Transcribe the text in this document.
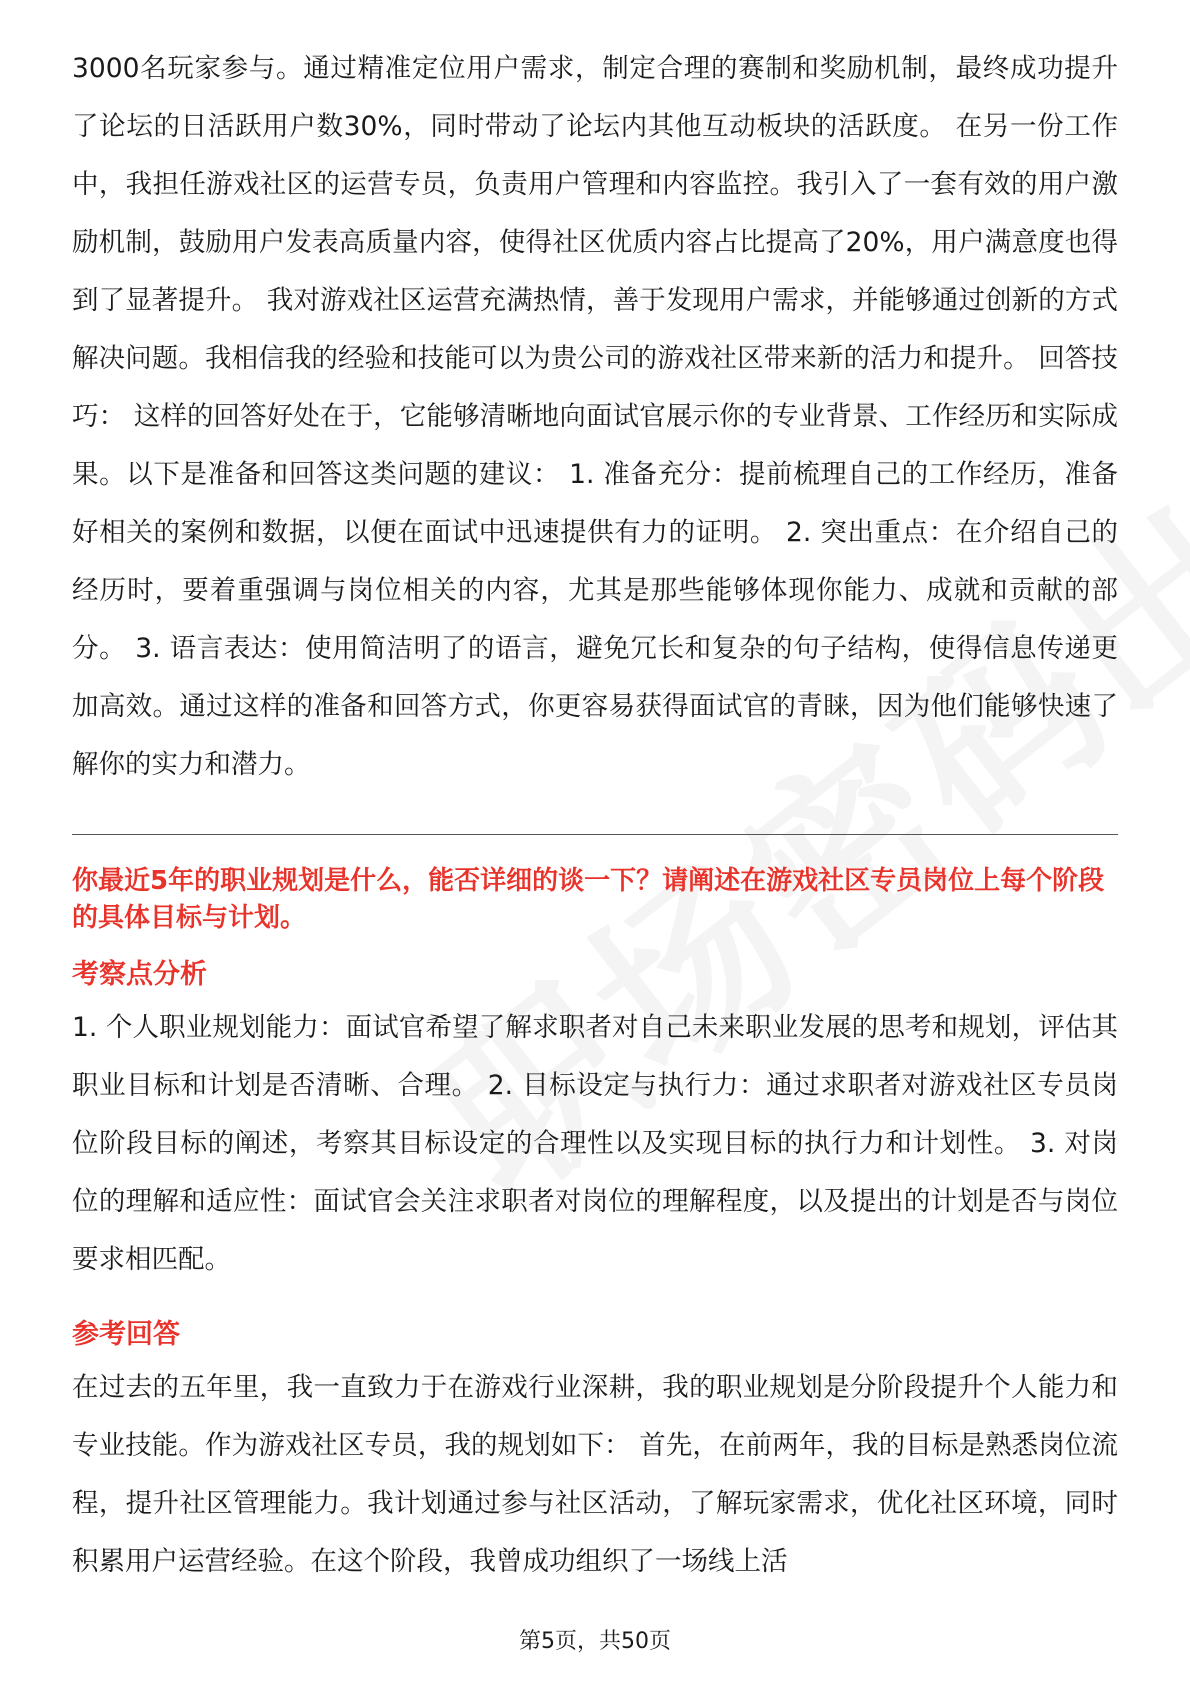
3000名玩家参与。通过精准定位用户需求，制定合理的赛制和奖励机制，最终成功提升了论坛的日活跃用户数30%，同时带动了论坛内其他互动板块的活跃度。 在另一份工作中，我担任游戏社区的运营专员，负责用户管理和内容监控。我引入了一套有效的用户激励机制，鼓励用户发表高质量内容，使得社区优质内容占比提高了20%，用户满意度也得到了显著提升。 我对游戏社区运营充满热情，善于发现用户需求，并能够通过创新的方式解决问题。我相信我的经验和技能可以为贵公司的游戏社区带来新的活力和提升。 回答技巧： 这样的回答好处在于，它能够清晰地向面试官展示你的专业背景、工作经历和实际成果。以下是准备和回答这类问题的建议： 1. 准备充分：提前梳理自己的工作经历，准备好相关的案例和数据，以便在面试中迅速提供有力的证明。 2. 突出重点：在介绍自己的经历时，要着重强调与岗位相关的内容，尤其是那些能够体现你能力、成就和贡献的部分。 3. 语言表达：使用简洁明了的语言，避免冗长和复杂的句子结构，使得信息传递更加高效。通过这样的准备和回答方式，你更容易获得面试官的青睐，因为他们能够快速了解你的实力和潜力。

你最近5年的职业规划是什么，能否详细的谈一下？请阐述在游戏社区专员岗位上每个阶段的具体目标与计划。
考察点分析

1. 个人职业规划能力：面试官希望了解求职者对自己未来职业发展的思考和规划，评估其职业目标和计划是否清晰、合理。 2. 目标设定与执行力：通过求职者对游戏社区专员岗位阶段目标的阐述，考察其目标设定的合理性以及实现目标的执行力和计划性。 3. 对岗位的理解和适应性：面试官会关注求职者对岗位的理解程度，以及提出的计划是否与岗位要求相匹配。

参考回答

在过去的五年里，我一直致力于在游戏行业深耕，我的职业规划是分阶段提升个人能力和专业技能。作为游戏社区专员，我的规划如下： 首先，在前两年，我的目标是熟悉岗位流程，提升社区管理能力。我计划通过参与社区活动，了解玩家需求，优化社区环境，同时积累用户运营经验。在这个阶段，我曾成功组织了一场线上活

第5页，共50页
